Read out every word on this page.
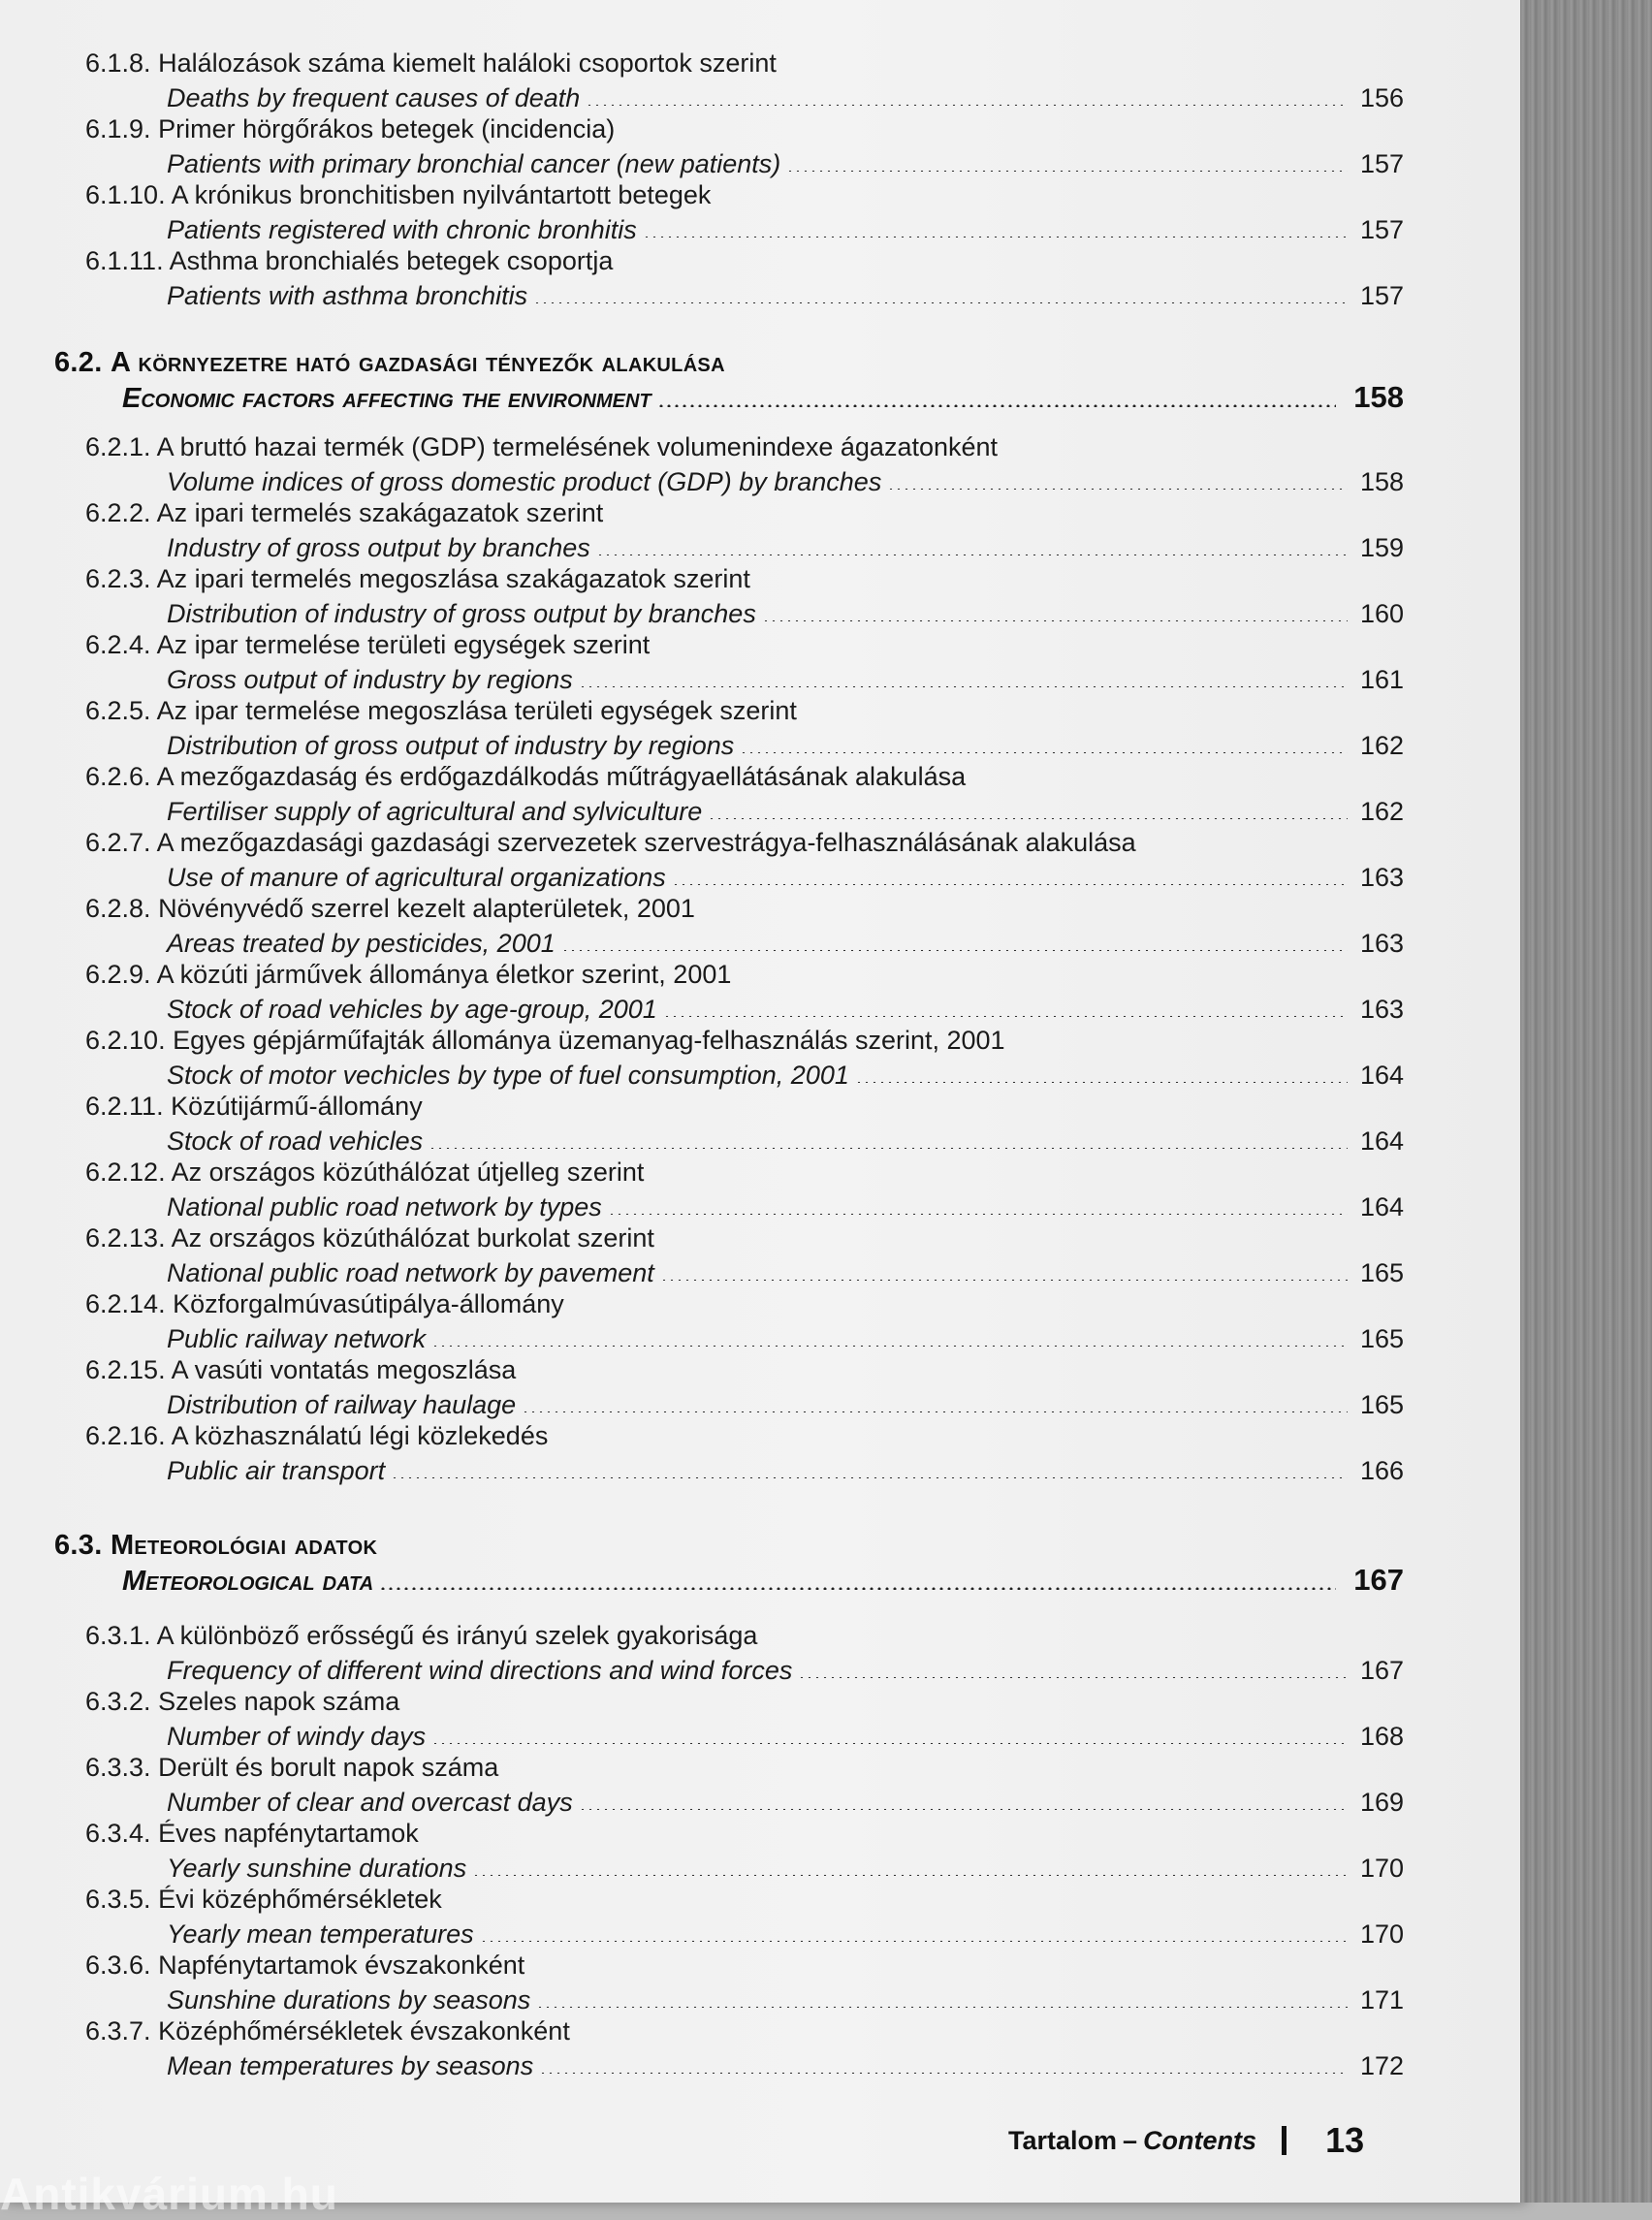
6.1.8. Halálozások száma kiemelt haláloki csoportok szerint
Deaths by frequent causes of death	156
6.1.9. Primer hörgőrákos betegek (incidencia)
Patients with primary bronchial cancer (new patients)	157
6.1.10. A krónikus bronchitisben nyilvántartott betegek
Patients registered with chronic bronhitis	157
6.1.11. Asthma bronchialés betegek csoportja
Patients with asthma bronchitis	157
6.2. A környezetre ható gazdasági tényezők alakulása
Economic factors affecting the environment	158
6.2.1. A bruttó hazai termék (GDP) termelésének volumenindexe ágazatonként
Volume indices of gross domestic product (GDP) by branches	158
6.2.2. Az ipari termelés szakágazatok szerint
Industry of gross output by branches	159
6.2.3. Az ipari termelés megoszlása szakágazatok szerint
Distribution of industry of gross output by branches	160
6.2.4. Az ipar termelése területi egységek szerint
Gross output of industry by regions	161
6.2.5. Az ipar termelése megoszlása területi egységek szerint
Distribution of gross output of industry by regions	162
6.2.6. A mezőgazdaság és erdőgazdálkodás műtrágyaellátásának alakulása
Fertiliser supply of agricultural and sylviculture	162
6.2.7. A mezőgazdasági gazdasági szervezetek szervestrágya-felhasználásának alakulása
Use of manure of agricultural organizations	163
6.2.8. Növényvédő szerrel kezelt alapterületek, 2001
Areas treated by pesticides, 2001	163
6.2.9. A közúti járművek állománya életkor szerint, 2001
Stock of road vehicles by age-group, 2001	163
6.2.10. Egyes gépjárműfajták állománya üzemanyag-felhasználás szerint, 2001
Stock of motor vechicles by type of fuel consumption, 2001	164
6.2.11. Közútijármű-állomány
Stock of road vehicles	164
6.2.12. Az országos közúthálózat útjelleg szerint
National public road network by types	164
6.2.13. Az országos közúthálózat burkolat szerint
National public road network by pavement	165
6.2.14. Közforgalmúvasútipálya-állomány
Public railway network	165
6.2.15. A vasúti vontatás megoszlása
Distribution of railway haulage	165
6.2.16. A közhasználatú légi közlekedés
Public air transport	166
6.3. Meteorológiai adatok
Meteorological data	167
6.3.1. A különböző erősségű és irányú szelek gyakorisága
Frequency of different wind directions and wind forces	167
6.3.2. Szeles napok száma
Number of windy days	168
6.3.3. Derült és borult napok száma
Number of clear and overcast days	169
6.3.4. Éves napfénytartamok
Yearly sunshine durations	170
6.3.5. Évi középhőmérsékletek
Yearly mean temperatures	170
6.3.6. Napfénytartamok évszakonként
Sunshine durations by seasons	171
6.3.7. Középhőmérsékletek évszakonként
Mean temperatures by seasons	172
Tartalom – Contents 13
Antikvárium.hu
